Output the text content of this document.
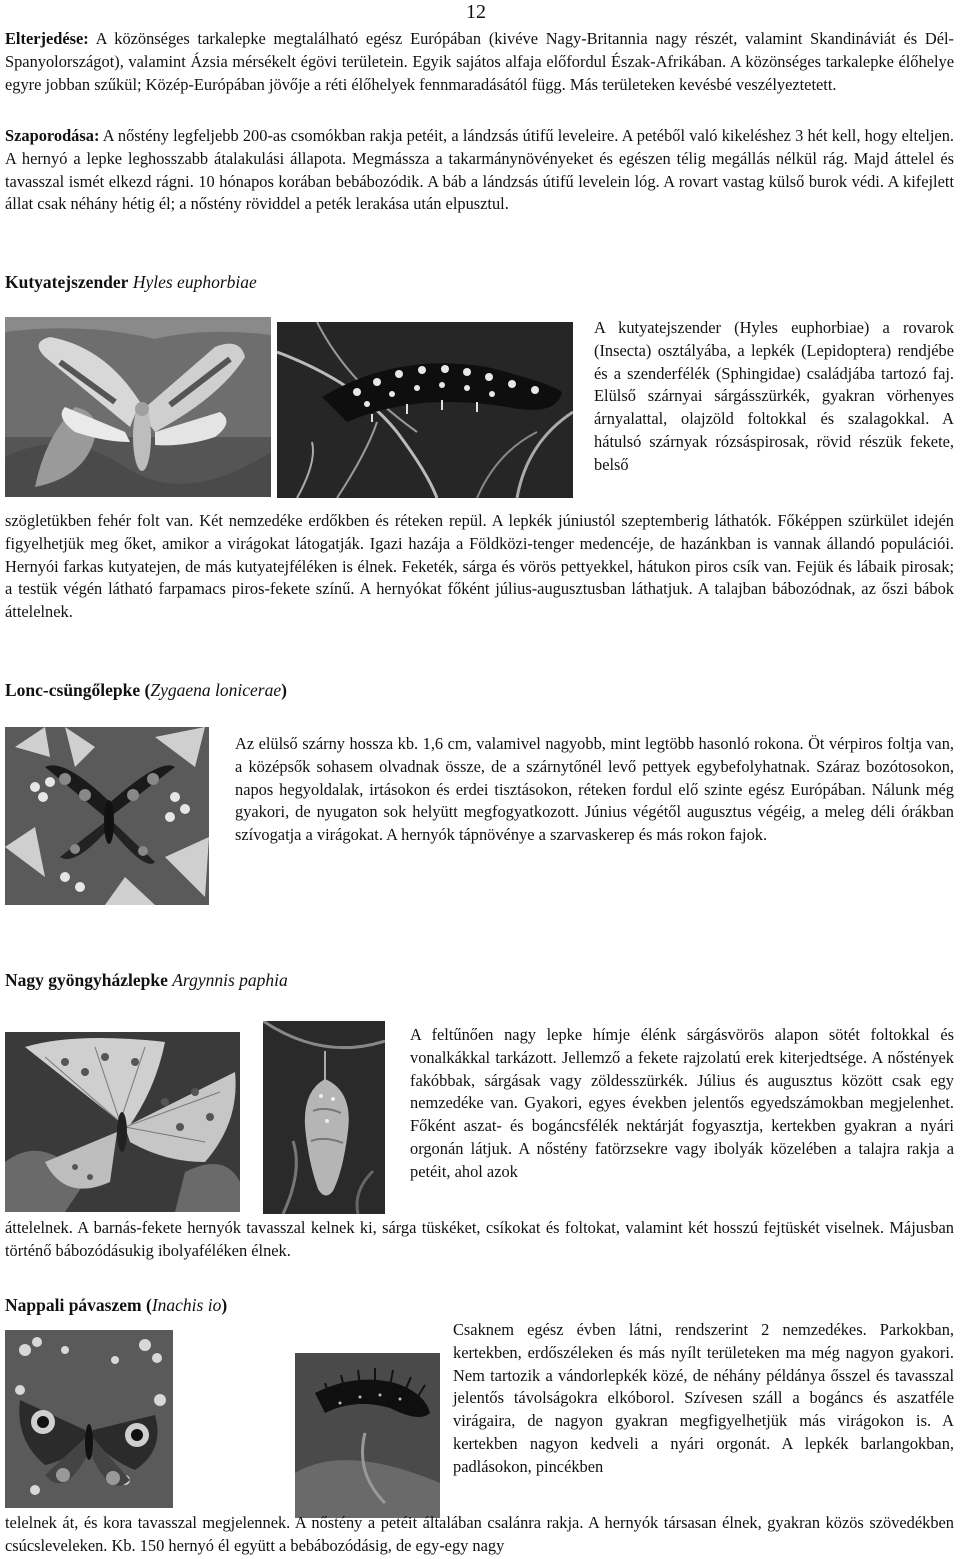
12

Elterjedése: A közönséges tarkalepke megtalálható egész Európában (kivéve Nagy-Britannia nagy részét, valamint Skandináviát és Dél-Spanyolországot), valamint Ázsia mérsékelt égövi területein. Egyik sajátos alfaja előfordul Észak-Afrikában. A közönséges tarkalepke élőhelye egyre jobban szűkül; Közép-Európában jövője a réti élőhelyek fennmaradásától függ. Más területeken kevésbé veszélyeztetett.

Szaporodása: A nőstény legfeljebb 200-as csomókban rakja petéit, a lándzsás útifű leveleire. A petéből való kikeléshez 3 hét kell, hogy elteljen. A hernyó a lepke leghosszabb átalakulási állapota. Megmássza a takarmánynövényeket és egészen télig megállás nélkül rág. Majd áttelel és tavasszal ismét elkezd rágni. 10 hónapos korában bebábozódik. A báb a lándzsás útifű levelein lóg. A rovart vastag külső burok védi. A kifejlett állat csak néhány hétig él; a nőstény röviddel a peték lerakása után elpusztul.

Kutyatejszender Hyles euphorbiae

A kutyatejszender (Hyles euphorbiae) a rovarok (Insecta) osztályába, a lepkék (Lepidoptera) rendjébe és a szenderfélék (Sphingidae) családjába tartozó faj. Elülső szárnyai sárgásszürkék, gyakran vörhenyes árnyalattal, olajzöld foltokkal és szalagokkal. A hátulsó szárnyak rózsáspirosak, rövid részük fekete, belső

szögletükben fehér folt van. Két nemzedéke erdőkben és réteken repül. A lepkék júniustól szeptemberig láthatók. Főképpen szürkület idején figyelhetjük meg őket, amikor a virágokat látogatják. Igazi hazája a Földközi-tenger medencéje, de hazánkban is vannak állandó populációi. Hernyói farkas kutyatejen, de más kutyatejféléken is élnek. Feketék, sárga és vörös pettyekkel, hátukon piros csík van. Fejük és lábaik pirosak; a testük végén látható farpamacs piros-fekete színű. A hernyókat főként július-augusztusban láthatjuk. A talajban bábozódnak, az őszi bábok áttelelnek.

Lonc-csüngőlepke (Zygaena lonicerae)

Az elülső szárny hossza kb. 1,6 cm, valamivel nagyobb, mint legtöbb hasonló rokona. Öt vérpiros foltja van, a középsők sohasem olvadnak össze, de a szárnytőnél levő pettyek egybefolyhatnak. Száraz bozótosokon, napos hegyoldalak, irtásokon és erdei tisztásokon, réteken fordul elő szinte egész Európában. Nálunk még gyakori, de nyugaton sok helyütt megfogyatkozott. Június végétől augusztus végéig, a meleg déli órákban szívogatja a virágokat. A hernyók tápnövénye a szarvaskerep és más rokon fajok.

Nagy gyöngyházlepke Argynnis paphia

A feltűnően nagy lepke hímje élénk sárgásvörös alapon sötét foltokkal és vonalkákkal tarkázott. Jellemző a fekete rajzolatú erek kiterjedtsége. A nőstények fakóbbak, sárgásak vagy zöldesszürkék. Július és augusztus között csak egy nemzedéke van. Gyakori, egyes években jelentős egyedszámokban megjelenhet. Főként aszat- és bogáncsfélék nektárját fogyasztja, kertekben gyakran a nyári orgonán látjuk. A nőstény fatörzsekre vagy ibolyák közelében a talajra rakja a petéit, ahol azok

áttelelnek. A barnás-fekete hernyók tavasszal kelnek ki, sárga tüskéket, csíkokat és foltokat, valamint két hosszú fejtüskét viselnek. Májusban történő bábozódásukig ibolyaféléken élnek.

Nappali pávaszem (Inachis io)

Csaknem egész évben látni, rendszerint 2 nemzedékes. Parkokban, kertekben, erdőszéleken és más nyílt területeken ma még nagyon gyakori. Nem tartozik a vándorlepkék közé, de néhány példánya ősszel és tavasszal jelentős távolságokra elkóborol. Szívesen száll a bogáncs és aszatféle virágaira, de nagyon gyakran megfigyelhetjük más virágokon is. A kertekben nagyon kedveli a nyári orgonát. A lepkék barlangokban, padlásokon, pincékben

telelnek át, és kora tavasszal megjelennek. A nőstény a petéit általában csalánra rakja. A hernyók társasan élnek, gyakran közös szövedékben csúcsleveleken. Kb. 150 hernyó él együtt a bebábozódásig, de egy-egy nagy
